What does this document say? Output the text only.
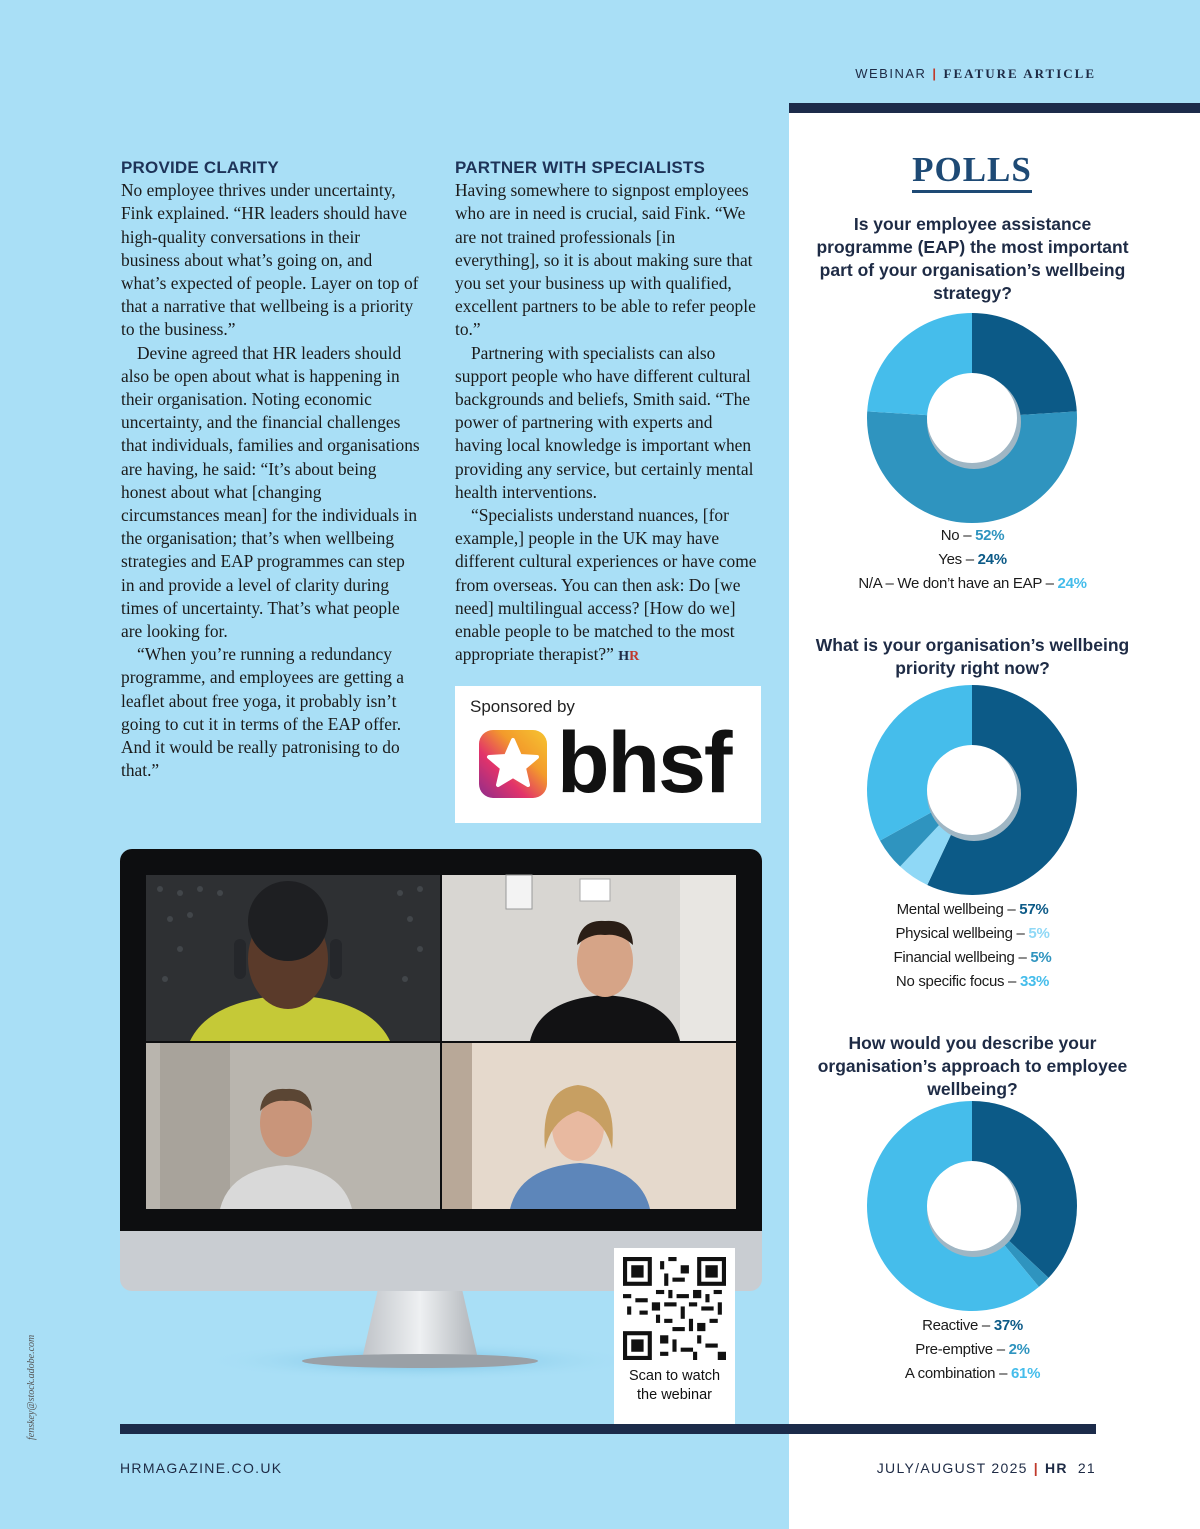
WEBINAR | FEATURE ARTICLE
PROVIDE CLARITY

No employee thrives under uncertainty, Fink explained. “HR leaders should have high-quality conversations in their business about what’s going on, and what’s expected of people. Layer on top of that a narrative that wellbeing is a priority to the business.”

Devine agreed that HR leaders should also be open about what is happening in their organisation. Noting economic uncertainty, and the financial challenges that individuals, families and organisations are having, he said: “It’s about being honest about what [changing circumstances mean] for the individuals in the organisation; that’s when wellbeing strategies and EAP programmes can step in and provide a level of clarity during times of uncertainty. That’s what people are looking for.

“When you’re running a redundancy programme, and employees are getting a leaflet about free yoga, it probably isn’t going to cut it in terms of the EAP offer. And it would be really patronising to do that.”

PARTNER WITH SPECIALISTS

Having somewhere to signpost employees who are in need is crucial, said Fink. “We are not trained professionals [in everything], so it is about making sure that you set your business up with qualified, excellent partners to be able to refer people to.”

Partnering with specialists can also support people who have different cultural backgrounds and beliefs, Smith said. “The power of partnering with experts and having local knowledge is important when providing any service, but certainly mental health interventions.

“Specialists understand nuances, [for example,] people in the UK may have different cultural experiences or have come from overseas. You can then ask: Do [we need] multilingual access? [How do we] enable people to be matched to the most appropriate therapist?” HR

Sponsored by
bhsf
Scan to watch
the webinar
POLLS
Is your employee assistance programme (EAP) the most important part of your organisation’s wellbeing strategy?
No – 52%
Yes – 24%
N/A – We don’t have an EAP – 24%
What is your organisation’s wellbeing priority right now?
Mental wellbeing – 57%
Physical wellbeing – 5%
Financial wellbeing – 5%
No specific focus – 33%
How would you describe your organisation’s approach to employee wellbeing?
Reactive – 37%
Pre-emptive – 2%
A combination – 61%
HRMAGAZINE.CO.UK	JULY/AUGUST 2025 | HR 21
fenskey@stock.adobe.com
